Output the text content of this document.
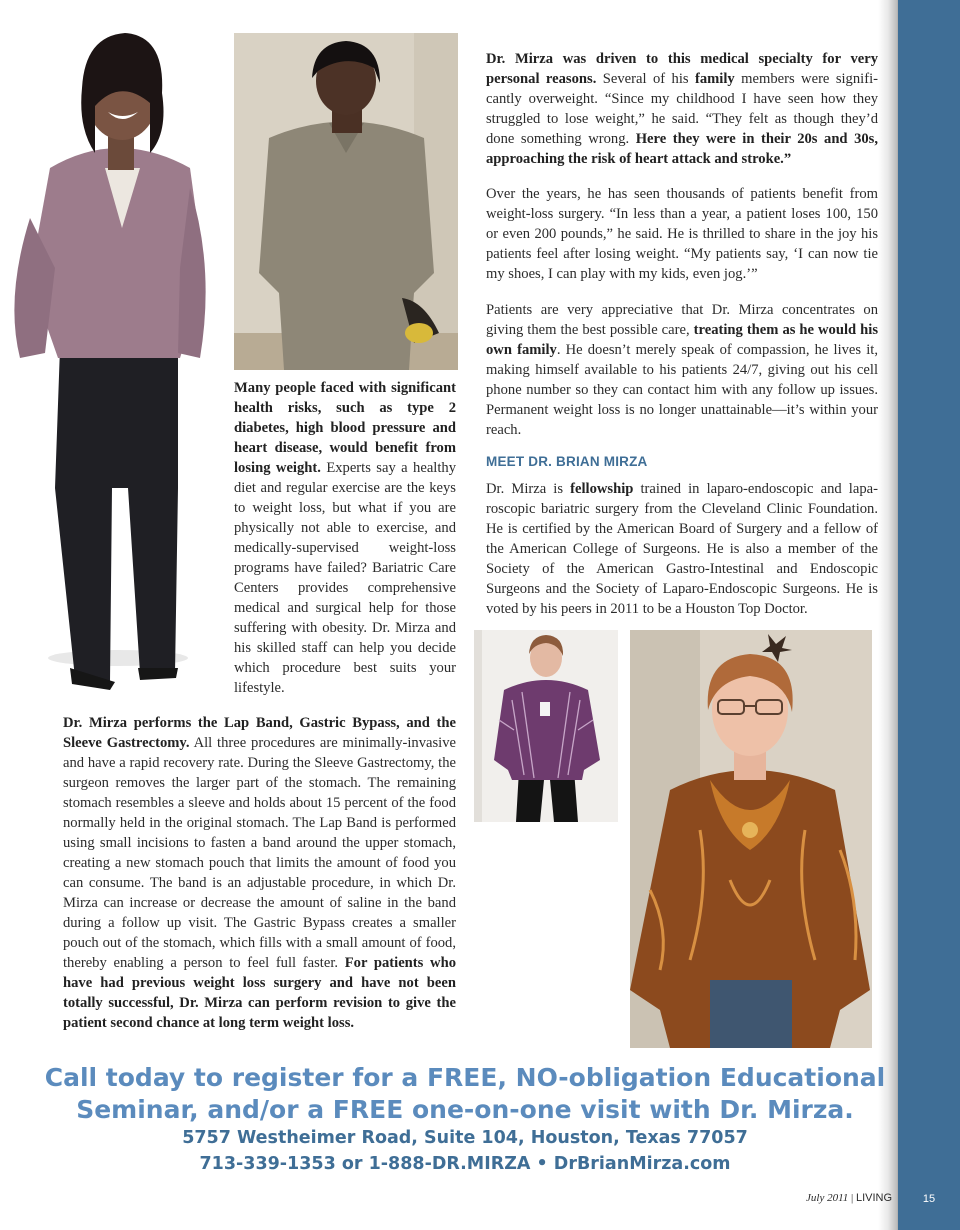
Many people faced with significant health risks, such as type 2 diabetes, high blood pressure and heart disease, would benefit from losing weight. Experts say a healthy diet and regular exercise are the keys to weight loss, but what if you are physically not able to exercise, and medically-supervised weight-loss programs have failed? Bariatric Care Centers provides comprehensive medical and surgical help for those suffering with obesity. Dr. Mirza and his skilled staff can help you decide which procedure best suits your lifestyle.
Dr. Mirza performs the Lap Band, Gastric Bypass, and the Sleeve Gastrectomy. All three procedures are minimally-invasive and have a rapid recovery rate. During the Sleeve Gastrectomy, the surgeon removes the larger part of the stomach. The remaining stomach resembles a sleeve and holds about 15 percent of the food normally held in the original stomach. The Lap Band is performed using small incisions to fasten a band around the upper stomach, creating a new stomach pouch that limits the amount of food you can consume. The band is an adjustable procedure, in which Dr. Mirza can increase or decrease the amount of saline in the band during a follow up visit. The Gastric Bypass creates a smaller pouch out of the stomach, which fills with a small amount of food, thereby enabling a person to feel full faster. For patients who have had previous weight loss surgery and have not been totally successful, Dr. Mirza can perform revision to give the patient second chance at long term weight loss.
Dr. Mirza was driven to this medical specialty for very personal reasons. Several of his family members were significantly overweight. “Since my childhood I have seen how they struggled to lose weight,” he said. “They felt as though they’d done something wrong. Here they were in their 20s and 30s, approaching the risk of heart attack and stroke.”
Over the years, he has seen thousands of patients benefit from weight-loss surgery. “In less than a year, a patient loses 100, 150 or even 200 pounds,” he said. He is thrilled to share in the joy his patients feel after losing weight. “My patients say, ‘I can now tie my shoes, I can play with my kids, even jog.’”
Patients are very appreciative that Dr. Mirza concentrates on giving them the best possible care, treating them as he would his own family. He doesn’t merely speak of compassion, he lives it, making himself available to his patients 24/7, giving out his cell phone number so they can contact him with any follow up issues. Permanent weight loss is no longer unattainable—it’s within your reach.
MEET DR. BRIAN MIRZA
Dr. Mirza is fellowship trained in laparo-endoscopic and laparoscopic bariatric surgery from the Cleveland Clinic Foundation. He is certified by the American Board of Surgery and a fellow of the American College of Surgeons. He is also a member of the Society of the American Gastro-Intestinal and Endoscopic Surgeons and the Society of Laparo-Endoscopic Surgeons. He is voted by his peers in 2011 to be a Houston Top Doctor.
Call today to register for a FREE, NO-obligation Educational
Seminar, and/or a FREE one-on-one visit with Dr. Mirza.
5757 Westheimer Road, Suite 104, Houston, Texas 77057
713-339-1353 or 1-888-DR.MIRZA • DrBrianMirza.com
July 2011 | LIVING	15
